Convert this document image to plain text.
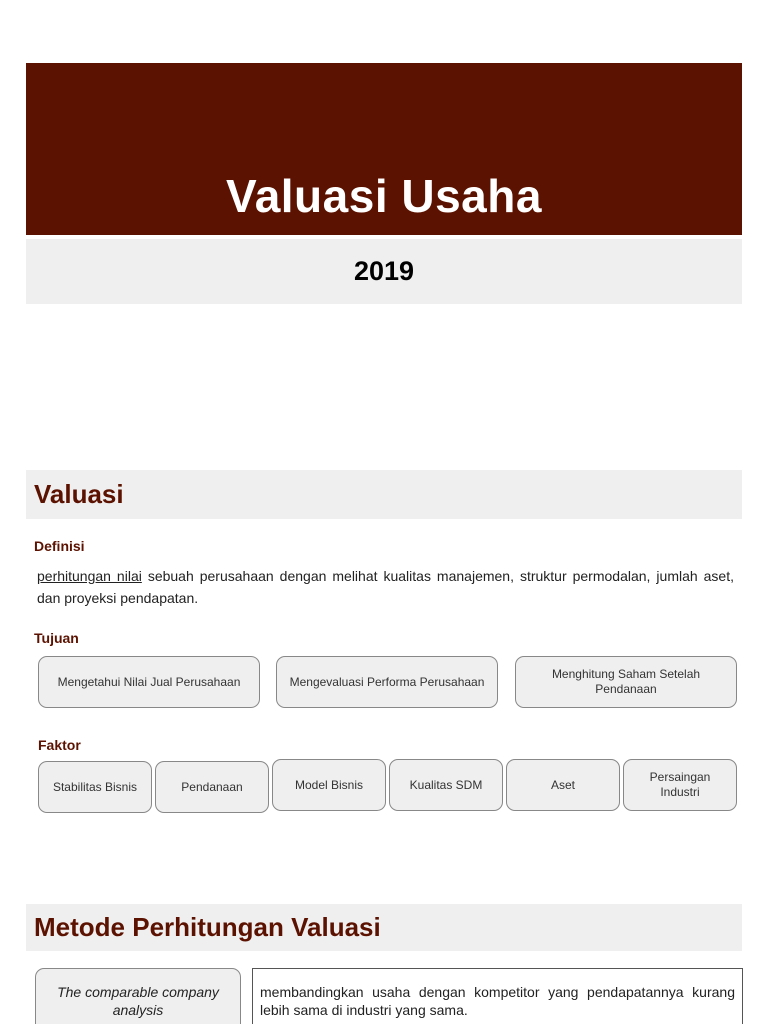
Valuasi Usaha
2019
Valuasi
Definisi

perhitungan nilai sebuah perusahaan dengan melihat kualitas manajemen, struktur permodalan, jumlah aset, dan proyeksi pendapatan.

Tujuan
Mengetahui Nilai Jual Perusahaan	Mengevaluasi Performa Perusahaan
Menghitung Saham Setelah Pendanaan
Faktor
Stabilitas Bisnis	Pendanaan	Model Bisnis	Kualitas SDM	Aset
Persaingan Industri
Metode Perhitungan Valuasi
The comparable company analysis
membandingkan usaha dengan kompetitor yang pendapatannya kurang lebih sama di industri yang sama.
